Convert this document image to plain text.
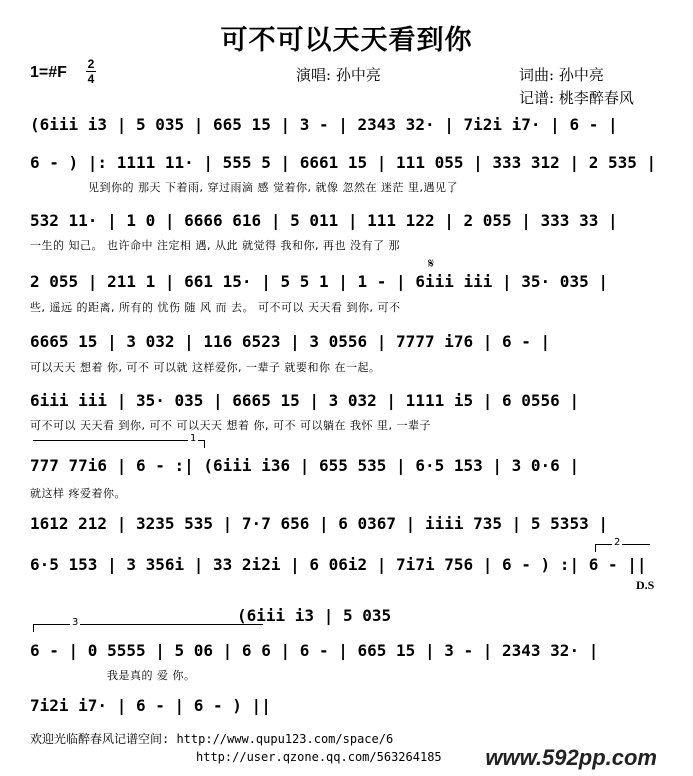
可不可以天天看到你
1=#F 2
4	演唱: 孙中亮	词曲: 孙中亮
记谱: 桃李醉春风
(6iii i3 | 5 035 | 665 15 | 3 - | 2343 32· | 7i2i i7· | 6 - |
6 - ) |: 1111 11· | 555 5 | 6661 15 | 111 055 | 333 312 | 2 535 |
见到你的 那天 下着雨, 穿过雨滴 感 觉着你, 就像 忽然在 迷茫 里,遇见了
532 11· | 1 0 | 6666 616 | 5 011 | 111 122 | 2 055 | 333 33 |
一生的 知己。 也许命中 注定相 遇, 从此 就觉得 我和你, 再也 没有了 那
𝄋
2 055 | 211 1 | 661 15· | 5 5 1 | 1 - | 6iii iii | 35· 035 |
些, 遥远 的距离, 所有的 忧伤 随 风 而 去。 可不可以 天天看 到你, 可不
6665 15 | 3 032 | 116 6523 | 3 0556 | 7777 i76 | 6 - |
可以天天 想着 你, 可不 可以就 这样爱你, 一辈子 就要和你 在一起。
6iii iii | 35· 035 | 6665 15 | 3 032 | 1111 i5 | 6 0556 |
可不可以 天天看 到你, 可不 可以天天 想着 你, 可不 可以躺在 我怀 里, 一辈子
1
777 77i6 | 6 - :| (6iii i36 | 655 535 | 6·5 153 | 3 0·6 |
就这样 疼爱着你。
1612 212 | 3235 535 | 7·7 656 | 6 0367 | iiii 735 | 5 5353 |
2
6·5 153 | 3 356i | 33 2i2i | 6 06i2 | 7i7i 756 | 6 - ) :| 6 - ||
D.S
(6iii i3 | 5 035
3
6 - | 0 5555 | 5 06 | 6 6 | 6 - | 665 15 | 3 - | 2343 32· |
我是真的 爱 你。
7i2i i7· | 6 - | 6 - ) ||
欢迎光临醉春风记谱空间: http://www.qupu123.com/space/6
http://user.qzone.qq.com/563264185 www.592pp.com
